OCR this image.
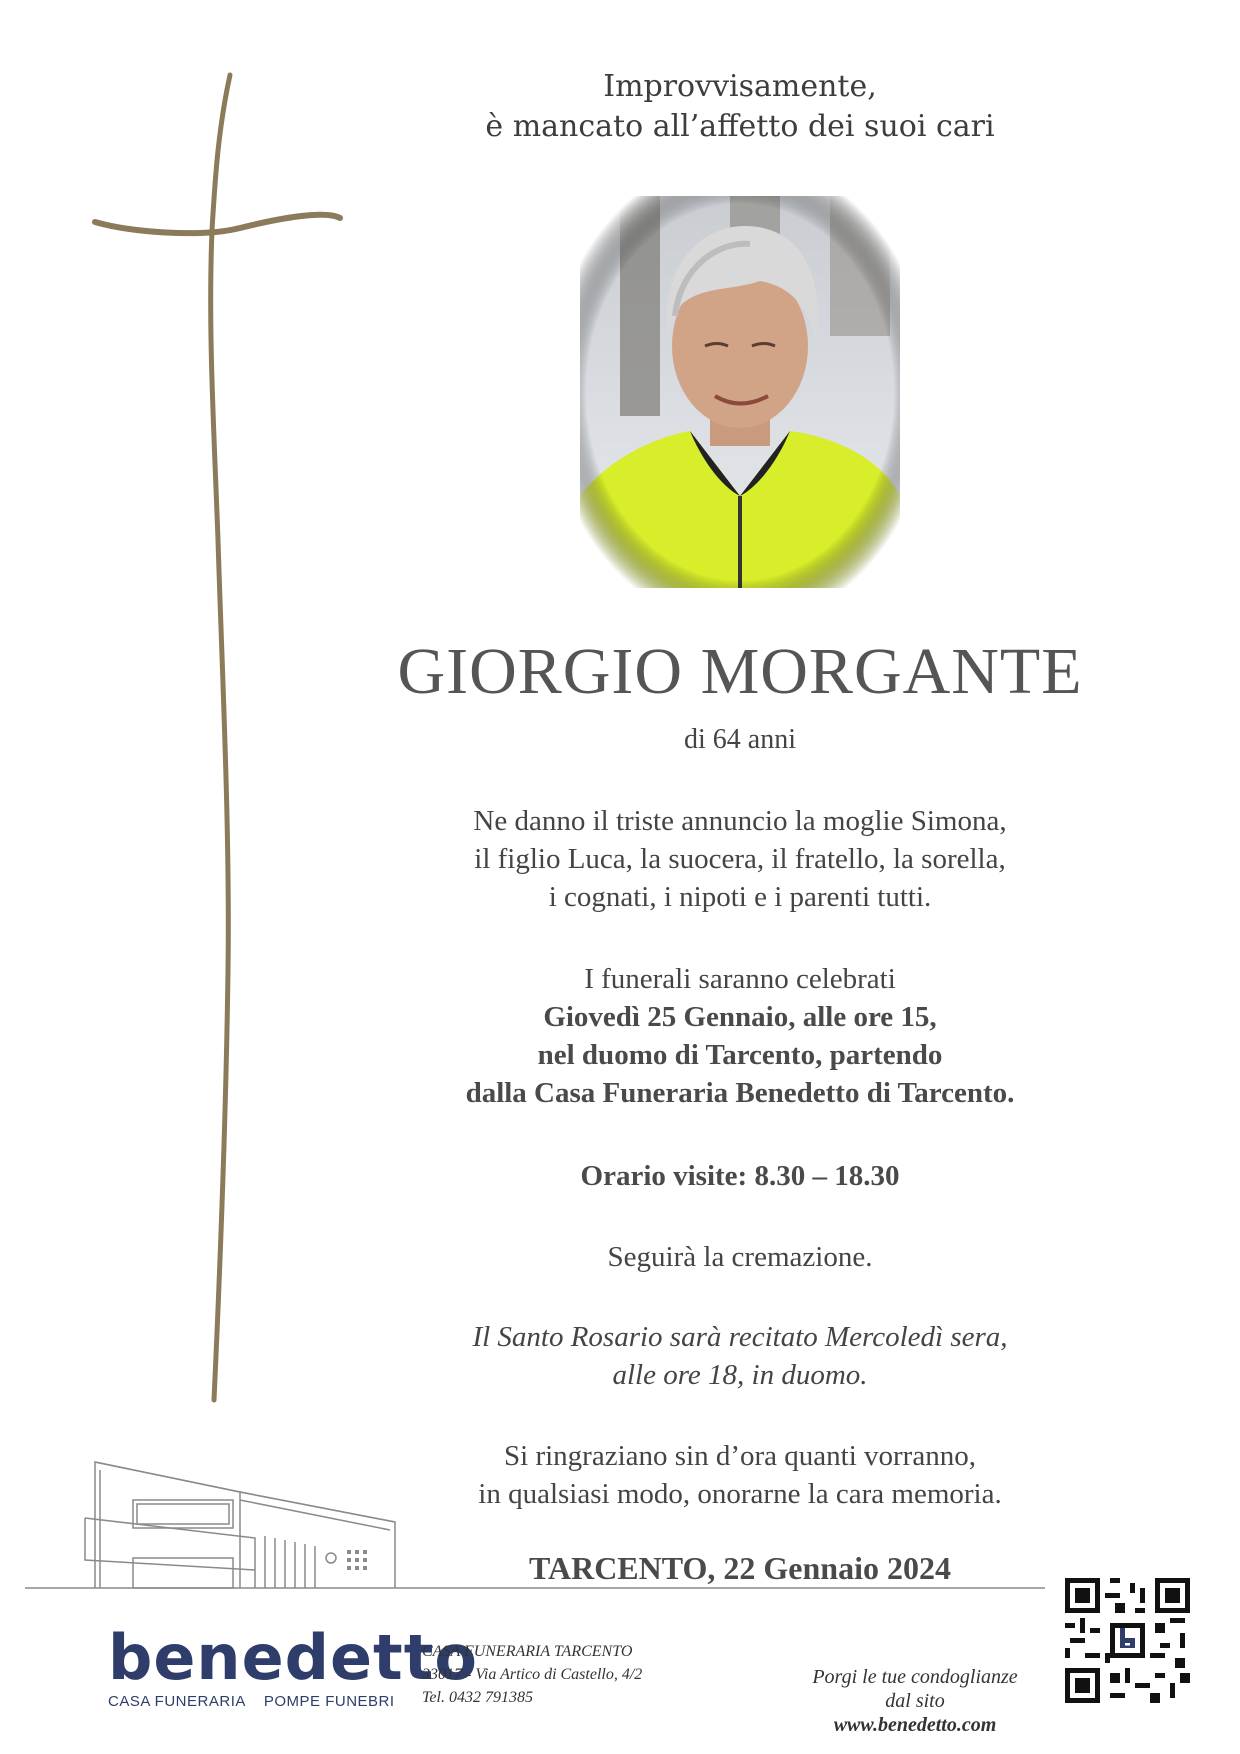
Improvvisamente,
è mancato all’affetto dei suoi cari
GIORGIO MORGANTE
di 64 anni
Ne danno il triste annuncio la moglie Simona,
il figlio Luca, la suocera, il fratello, la sorella,
i cognati, i nipoti e i parenti tutti.
I funerali saranno celebrati
Giovedì 25 Gennaio, alle ore 15,
nel duomo di Tarcento, partendo
dalla Casa Funeraria Benedetto di Tarcento.
Orario visite: 8.30 – 18.30
Seguirà la cremazione.
Il Santo Rosario sarà recitato Mercoledì sera,
alle ore 18, in duomo.
Si ringraziano sin d’ora quanti vorranno,
in qualsiasi modo, onorarne la cara memoria.
TARCENTO, 22 Gennaio 2024
benedetto
CASA FUNERARIA POMPE FUNEBRI
CASA FUNERARIA TARCENTO
33017 - Via Artico di Castello, 4/2
Tel. 0432 791385
Porgi le tue condoglianze
dal sito
www.benedetto.com
